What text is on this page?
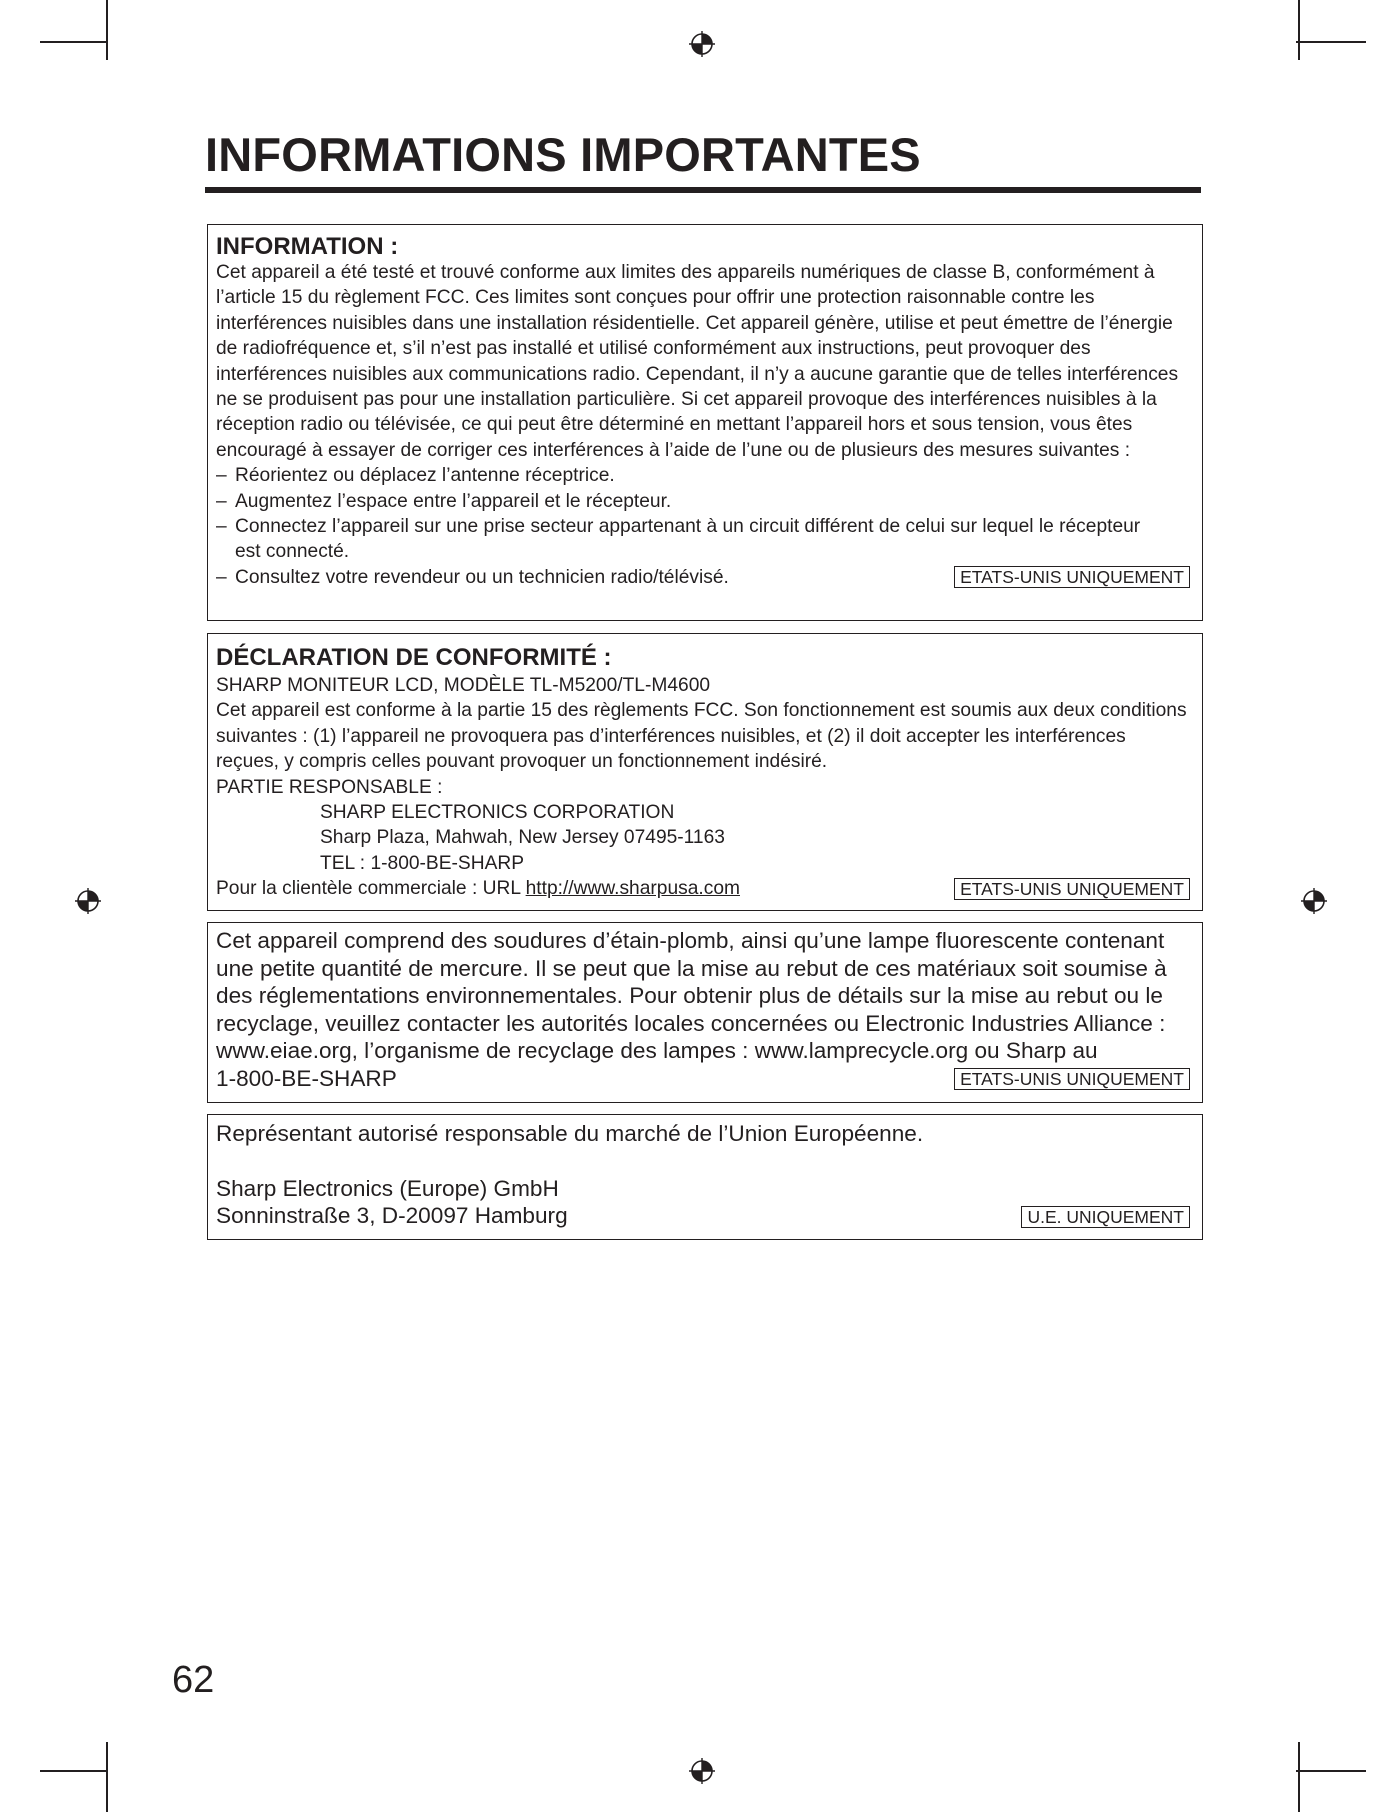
INFORMATIONS IMPORTANTES
INFORMATION :

Cet appareil a été testé et trouvé conforme aux limites des appareils numériques de classe B, conformément à l’article 15 du règlement FCC. Ces limites sont conçues pour offrir une protection raisonnable contre les interférences nuisibles dans une installation résidentielle. Cet appareil génère, utilise et peut émettre de l’énergie de radiofréquence et, s’il n’est pas installé et utilisé conformément aux instructions, peut provoquer des interférences nuisibles aux communications radio. Cependant, il n’y a aucune garantie que de telles interférences ne se produisent pas pour une installation particulière. Si cet appareil provoque des interférences nuisibles à la réception radio ou télévisée, ce qui peut être déterminé en mettant l’appareil hors et sous tension, vous êtes encouragé à essayer de corriger ces interférences à l’aide de l’une ou de plusieurs des mesures suivantes :

– Réorientez ou déplacez l’antenne réceptrice.
– Augmentez l’espace entre l’appareil et le récepteur.
– Connectez l’appareil sur une prise secteur appartenant à un circuit différent de celui sur lequel le récepteur est connecté.
– Consultez votre revendeur ou un technicien radio/télévisé.	ETATS-UNIS UNIQUEMENT
DÉCLARATION DE CONFORMITÉ :

SHARP MONITEUR LCD, MODÈLE TL-M5200/TL-M4600

Cet appareil est conforme à la partie 15 des règlements FCC. Son fonctionnement est soumis aux deux conditions suivantes : (1) l’appareil ne provoquera pas d’interférences nuisibles, et (2) il doit accepter les interférences reçues, y compris celles pouvant provoquer un fonctionnement indésiré.

PARTIE RESPONSABLE :

SHARP ELECTRONICS CORPORATION

Sharp Plaza, Mahwah, New Jersey 07495-1163

TEL : 1-800-BE-SHARP

Pour la clientèle commerciale : URL http://www.sharpusa.com	ETATS-UNIS UNIQUEMENT

Cet appareil comprend des soudures d’étain-plomb, ainsi qu’une lampe fluorescente contenant une petite quantité de mercure. Il se peut que la mise au rebut de ces matériaux soit soumise à des réglementations environnementales. Pour obtenir plus de détails sur la mise au rebut ou le recyclage, veuillez contacter les autorités locales concernées ou Electronic Industries Alliance : www.eiae.org, l’organisme de recyclage des lampes : www.lamprecycle.org ou Sharp au

1-800-BE-SHARP	ETATS-UNIS UNIQUEMENT

Représentant autorisé responsable du marché de l’Union Européenne.

Sharp Electronics (Europe) GmbH

Sonninstraße 3, D-20097 Hamburg	U.E. UNIQUEMENT
62
